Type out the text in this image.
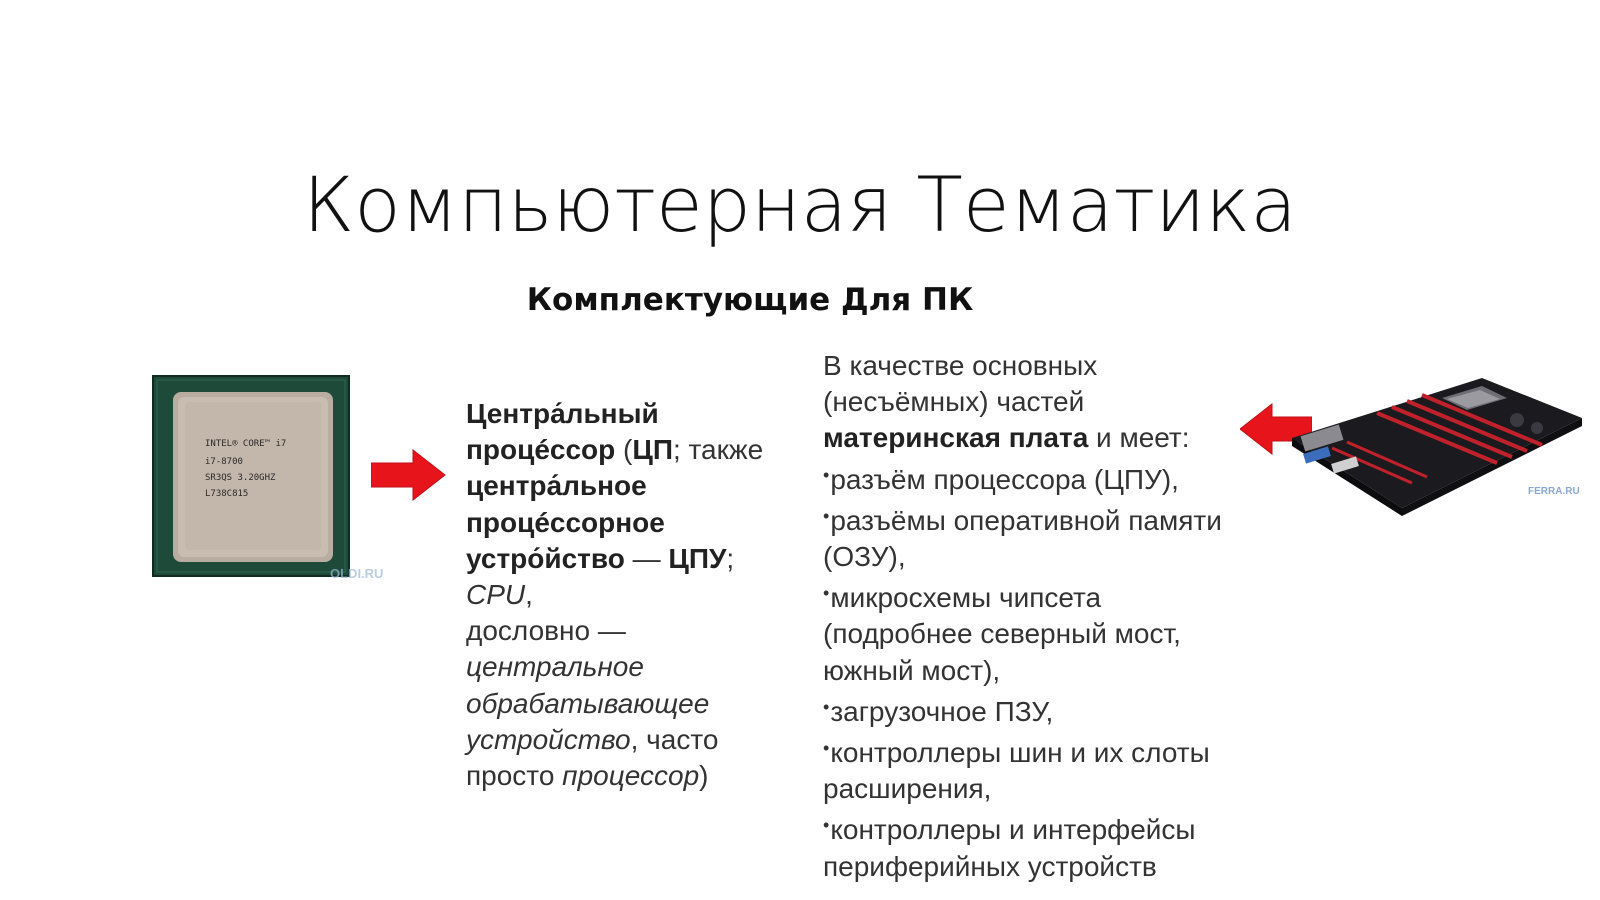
Компьютерная Тематика
Комплектующие Для ПК
INTEL® CORE™ i7
i7-8700
SR3QS 3.20GHZ
L738C815
OLDI.RU

Центра́льный процéссор (ЦП; также центра́льное процéссорное устро́йство — ЦПУ;
CPU,
дословно — центральное обрабатывающее устройство, часто просто процессор)

В качестве основных (несъёмных) частей материнская плата и меет:

• разъём процессора (ЦПУ),
• разъёмы оперативной памяти (ОЗУ),
• микросхемы чипсета (подробнее северный мост, южный мост),
• загрузочное ПЗУ,
• контроллеры шин и их слоты расширения,
• контроллеры и интерфейсы периферийных устройств
FERRA.RU
